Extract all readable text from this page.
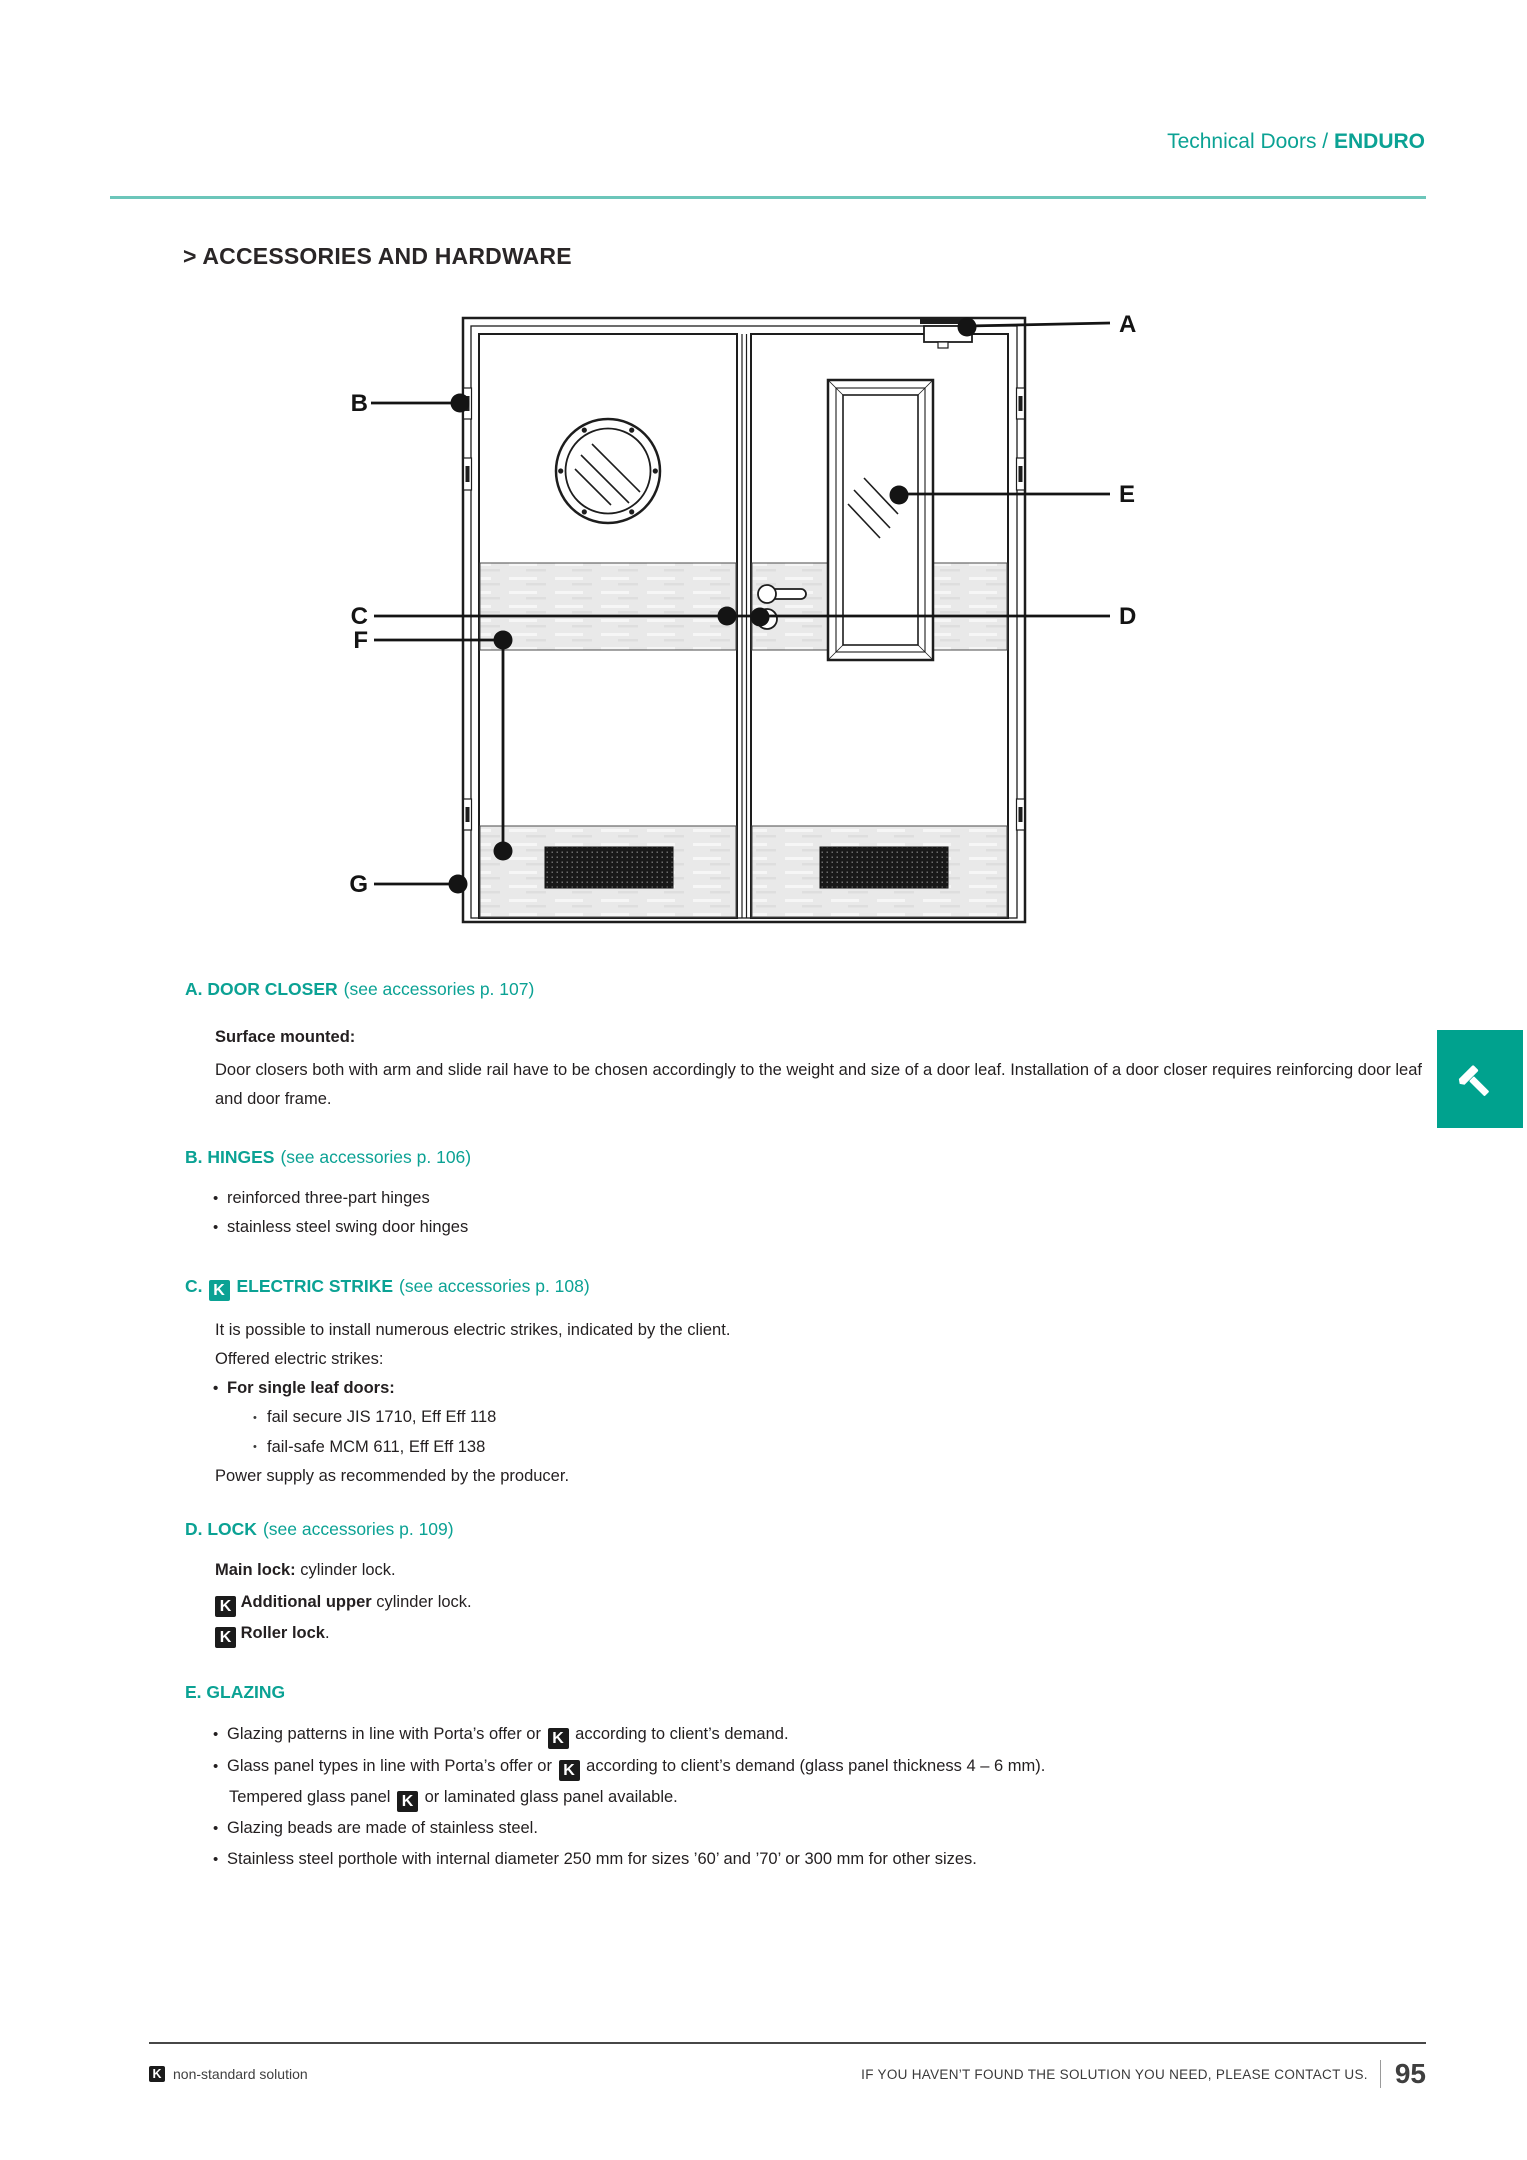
Technical Doors / ENDURO
> ACCESSORIES AND HARDWARE
A
B
C	D
E
F
G
A. DOOR CLOSER (see accessories p. 107)
Surface mounted:

Door closers both with arm and slide rail have to be chosen accordingly to the weight and size of a door leaf. Installation of a door closer requires reinforcing door leaf and door frame.

B. HINGES (see accessories p. 106)
• reinforced three-part hinges
• stainless steel swing door hinges
C. K ELECTRIC STRIKE (see accessories p. 108)
It is possible to install numerous electric strikes, indicated by the client.
Offered electric strikes:
• For single leaf doors:
• fail secure JIS 1710, Eff Eff 118
• fail-safe MCM 611, Eff Eff 138
Power supply as recommended by the producer.
D. LOCK (see accessories p. 109)
Main lock: cylinder lock.
K Additional upper cylinder lock.
K Roller lock.
E. GLAZING
• Glazing patterns in line with Porta’s offer or K according to client’s demand.
• Glass panel types in line with Porta’s offer or K according to client’s demand (glass panel thickness 4 – 6 mm).
Tempered glass panel K or laminated glass panel available.
• Glazing beads are made of stainless steel.
• Stainless steel porthole with internal diameter 250 mm for sizes ’60’ and ’70’ or 300 mm for other sizes.
K non-standard solution	IF YOU HAVEN’T FOUND THE SOLUTION YOU NEED, PLEASE CONTACT US. 95
